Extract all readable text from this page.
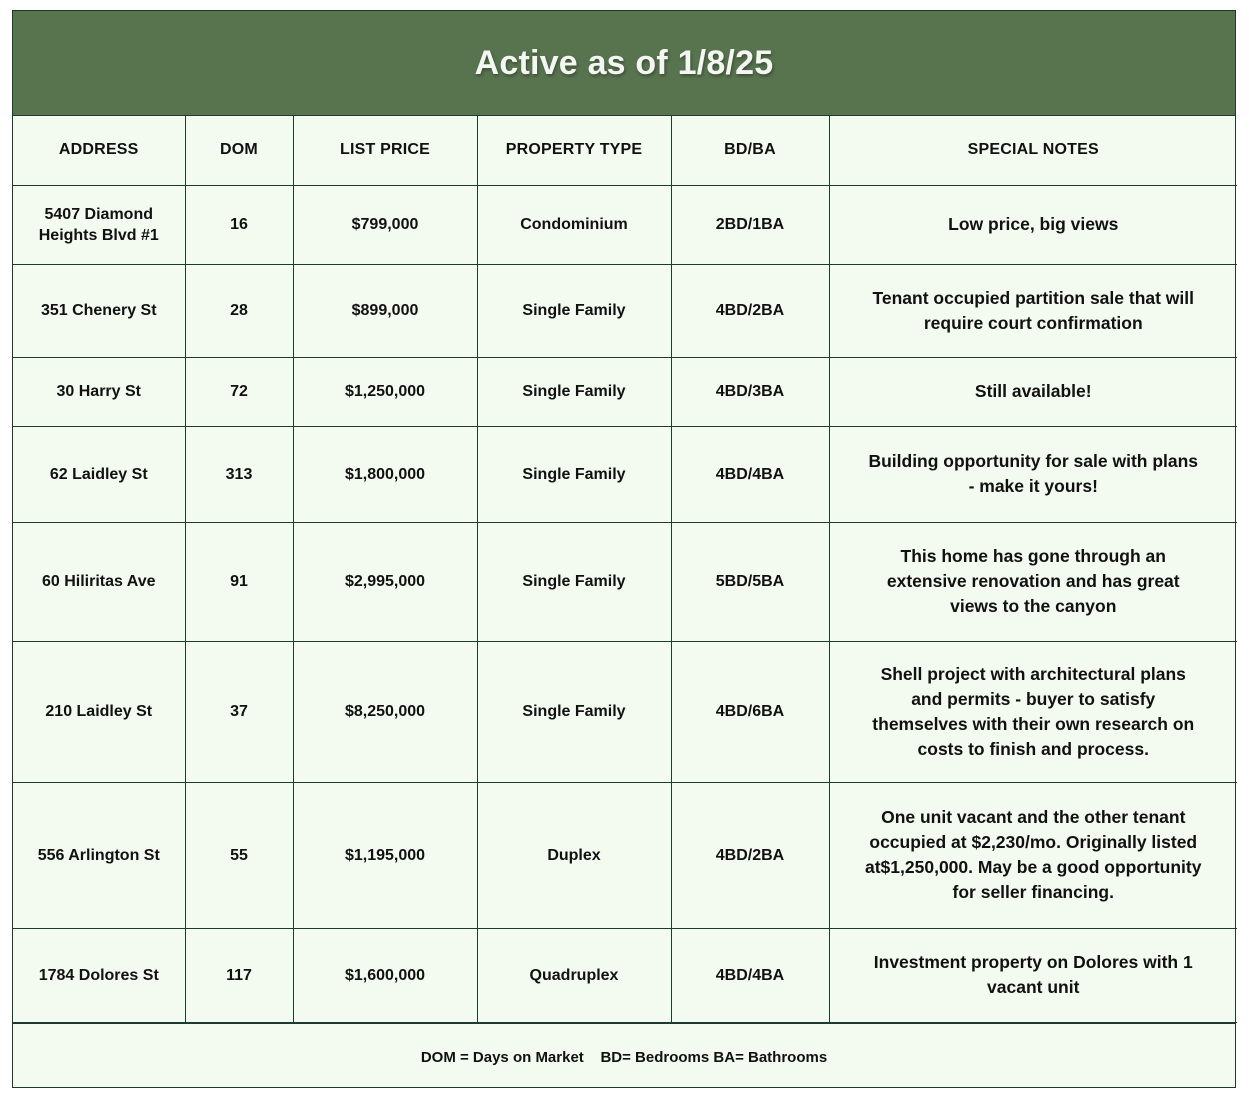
Active as of 1/8/25
ADDRESS	DOM	LIST PRICE	PROPERTY TYPE	BD/BA	SPECIAL NOTES
5407 Diamond Heights Blvd #1	16	$799,000	Condominium	2BD/1BA	Low price, big views

351 Chenery St	28	$899,000	Single Family	4BD/2BA	Tenant occupied partition sale that will require court confirmation

30 Harry St	72	$1,250,000	Single Family	4BD/3BA	Still available!

62 Laidley St	313	$1,800,000	Single Family	4BD/4BA	Building opportunity for sale with plans - make it yours!

60 Hiliritas Ave	91	$2,995,000	Single Family	5BD/5BA	This home has gone through an extensive renovation and has great views to the canyon

210 Laidley St	37	$8,250,000	Single Family	4BD/6BA	Shell project with architectural plans and permits - buyer to satisfy themselves with their own research on costs to finish and process.

556 Arlington St	55	$1,195,000	Duplex	4BD/2BA	One unit vacant and the other tenant occupied at $2,230/mo. Originally listed at$1,250,000. May be a good opportunity for seller financing.

1784 Dolores St	117	$1,600,000	Quadruplex	4BD/4BA	Investment property on Dolores with 1 vacant unit
DOM = Days on Market    BD= Bedrooms BA= Bathrooms
